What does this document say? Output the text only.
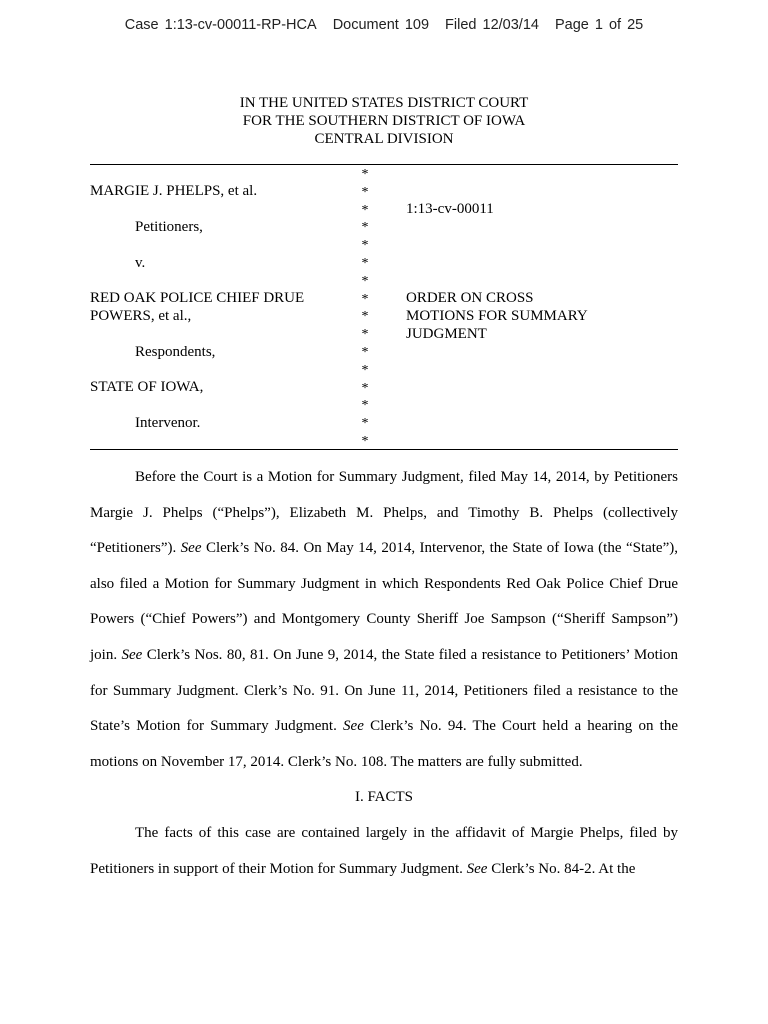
Case 1:13-cv-00011-RP-HCA Document 109 Filed 12/03/14 Page 1 of 25
IN THE UNITED STATES DISTRICT COURT
FOR THE SOUTHERN DISTRICT OF IOWA
CENTRAL DIVISION
MARGIE J. PHELPS, et al.
Petitioners,
v.
RED OAK POLICE CHIEF DRUE
POWERS, et al.,
Respondents,
STATE OF IOWA,
Intervenor.
*
*
*
*
*
*
*
*
*
*
*
*
*
*
*
*
1:13-cv-00011
ORDER ON CROSS
MOTIONS FOR SUMMARY
JUDGMENT

Before the Court is a Motion for Summary Judgment, filed May 14, 2014, by Petitioners Margie J. Phelps (“Phelps”), Elizabeth M. Phelps, and Timothy B. Phelps (collectively “Petitioners”). See Clerk’s No. 84. On May 14, 2014, Intervenor, the State of Iowa (the “State”), also filed a Motion for Summary Judgment in which Respondents Red Oak Police Chief Drue Powers (“Chief Powers”) and Montgomery County Sheriff Joe Sampson (“Sheriff Sampson”) join. See Clerk’s Nos. 80, 81. On June 9, 2014, the State filed a resistance to Petitioners’ Motion for Summary Judgment. Clerk’s No. 91. On June 11, 2014, Petitioners filed a resistance to the State’s Motion for Summary Judgment. See Clerk’s No. 94. The Court held a hearing on the motions on November 17, 2014. Clerk’s No. 108. The matters are fully submitted.

I. FACTS

The facts of this case are contained largely in the affidavit of Margie Phelps, filed by Petitioners in support of their Motion for Summary Judgment. See Clerk’s No. 84-2. At the
